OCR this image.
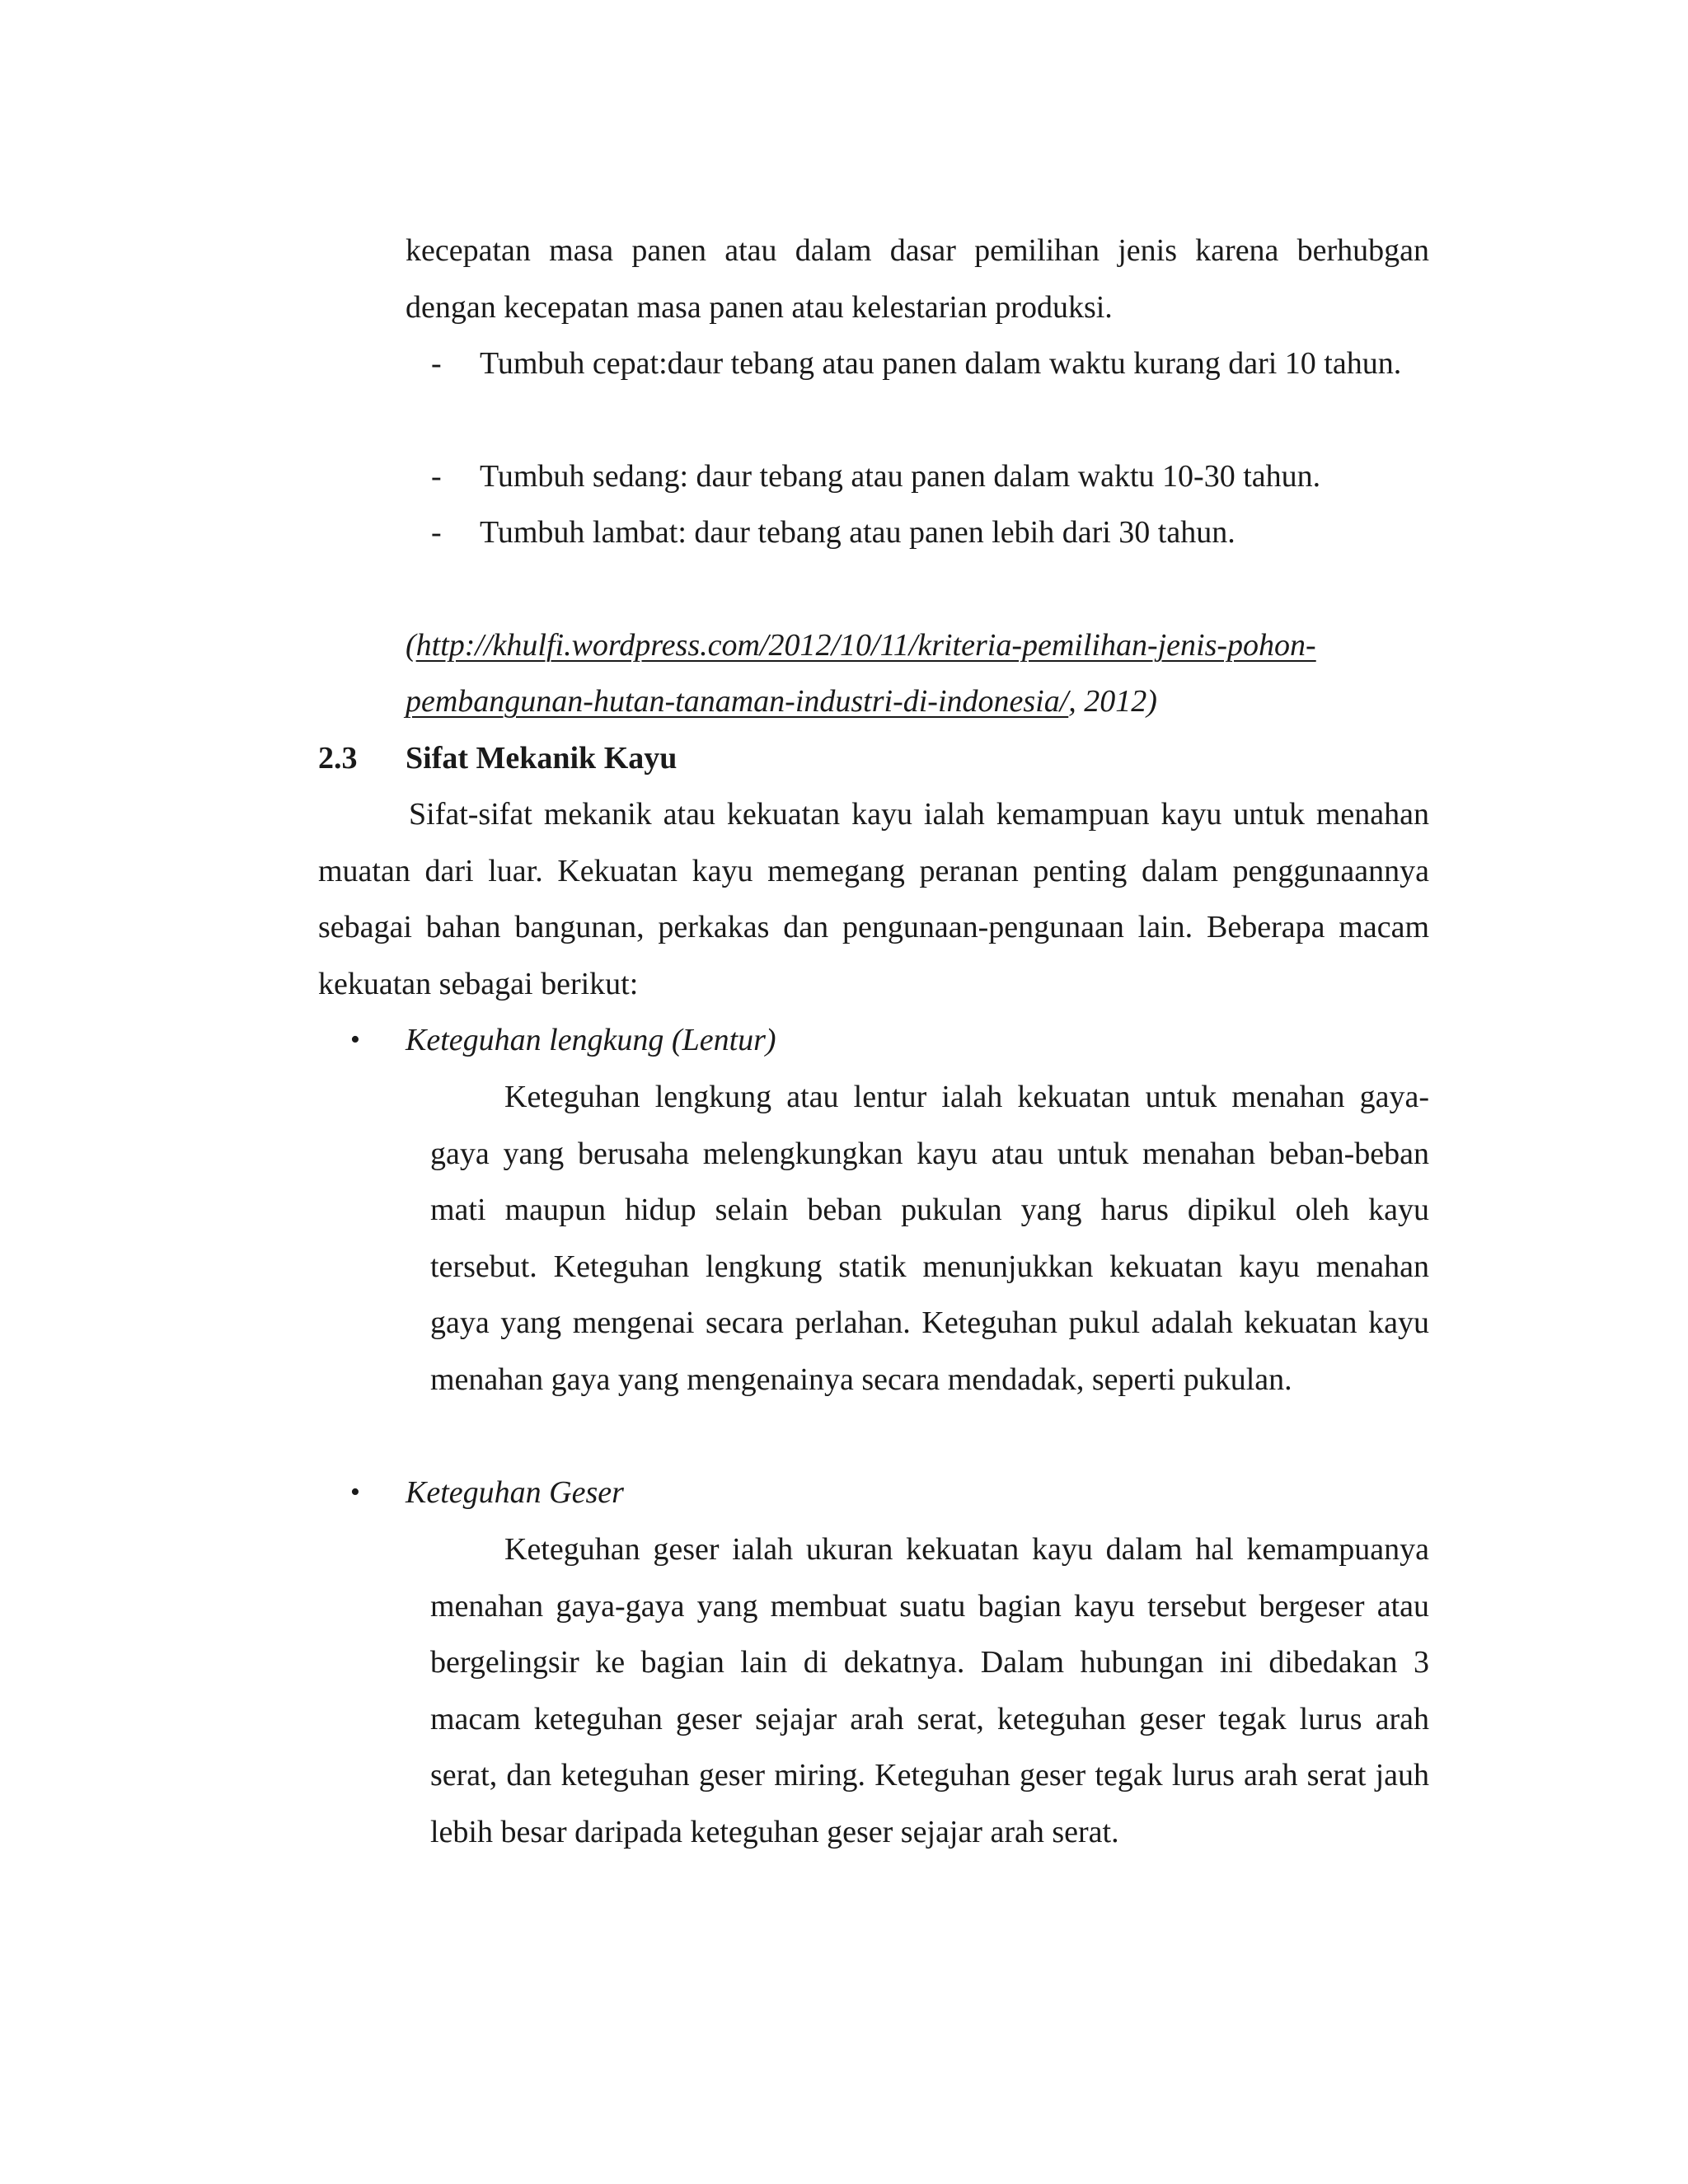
kecepatan masa panen atau dalam dasar pemilihan jenis karena berhubgan dengan kecepatan masa panen atau kelestarian produksi.

-	Tumbuh cepat:daur tebang atau panen dalam waktu kurang dari 10 tahun.
-	Tumbuh sedang: daur tebang atau panen dalam waktu 10-30 tahun.
-	Tumbuh lambat: daur tebang atau panen lebih dari 30 tahun.
(http://khulfi.wordpress.com/2012/10/11/kriteria-pemilihan-jenis-pohon-
pembangunan-hutan-tanaman-industri-di-indonesia/, 2012)
2.3 Sifat Mekanik Kayu

Sifat-sifat mekanik atau kekuatan kayu ialah kemampuan kayu untuk menahan muatan dari luar. Kekuatan kayu memegang peranan penting dalam penggunaannya sebagai bahan bangunan, perkakas dan pengunaan-pengunaan lain. Beberapa macam kekuatan sebagai berikut:

•	Keteguhan lengkung (Lentur)

Keteguhan lengkung atau lentur ialah kekuatan untuk menahan gaya-gaya yang berusaha melengkungkan kayu atau untuk menahan beban-beban mati maupun hidup selain beban pukulan yang harus dipikul oleh kayu tersebut. Keteguhan lengkung statik menunjukkan kekuatan kayu menahan gaya yang mengenai secara perlahan. Keteguhan pukul adalah kekuatan kayu menahan gaya yang mengenainya secara mendadak, seperti pukulan.

•	Keteguhan Geser

Keteguhan geser ialah ukuran kekuatan kayu dalam hal kemampuanya menahan gaya-gaya yang membuat suatu bagian kayu tersebut bergeser atau bergelingsir ke bagian lain di dekatnya. Dalam hubungan ini dibedakan 3 macam keteguhan geser sejajar arah serat, keteguhan geser tegak lurus arah serat, dan keteguhan geser miring. Keteguhan geser tegak lurus arah serat jauh lebih besar daripada keteguhan geser sejajar arah serat.
